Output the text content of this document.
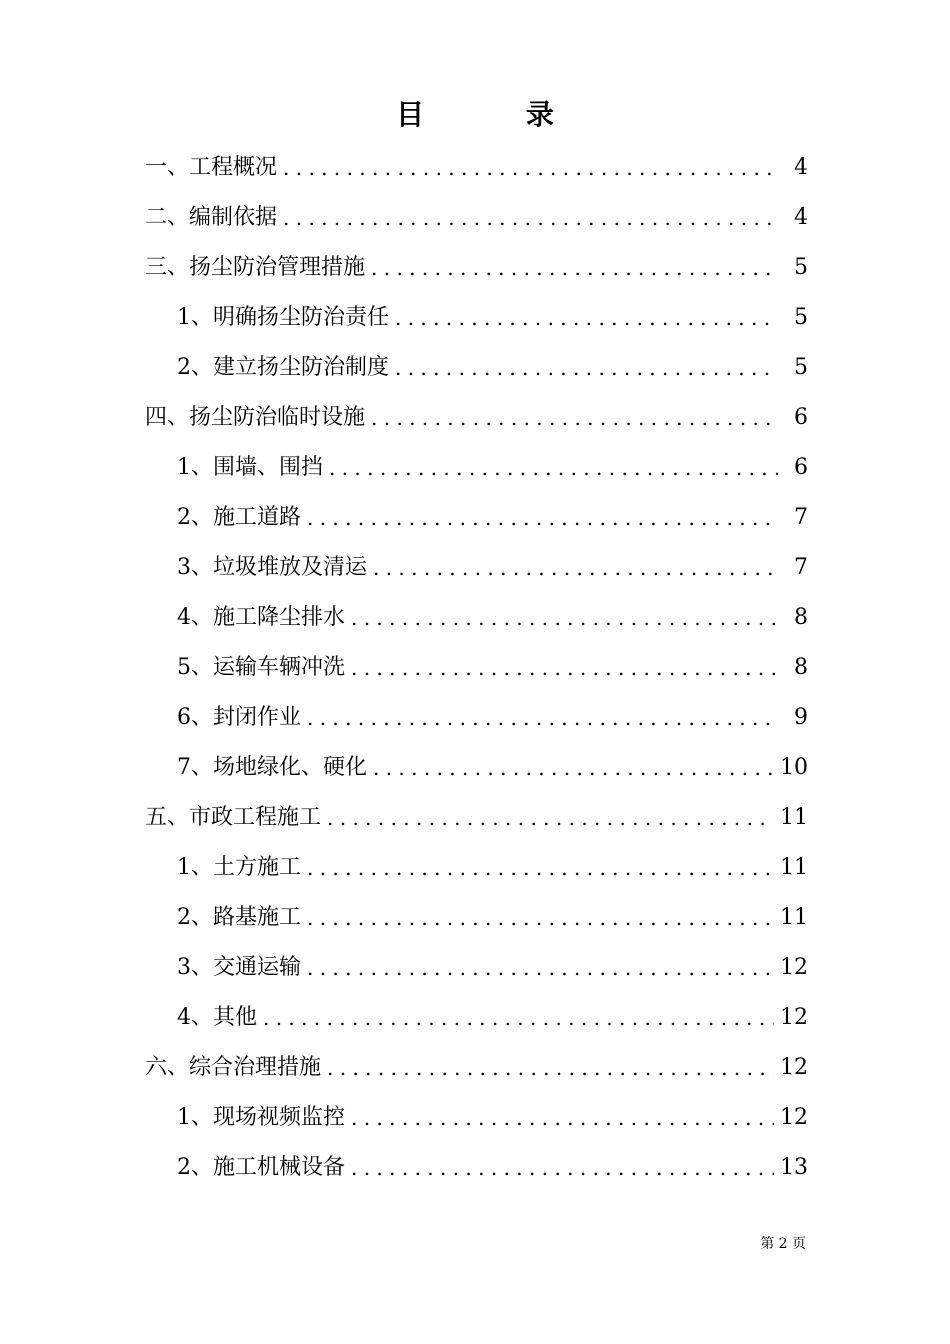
目 录
一、工程概况 . . .	4
二、编制依据 . . .	4
三、扬尘防治管理措施 . . .	5
1、明确扬尘防治责任 . . .	5
2、建立扬尘防治制度 . . .	5
四、扬尘防治临时设施 . . .	6
1、围墙、围挡 . . .	6
2、施工道路 . . .	7
3、垃圾堆放及清运 . . .	7
4、施工降尘排水 . . .	8
5、运输车辆冲洗 . . .	8
6、封闭作业 . . .	9
7、场地绿化、硬化 . . .	10
五、市政工程施工 . . .	11
1、土方施工 . . .	11
2、路基施工 . . .	11
3、交通运输 . . .	12
4、其他 . . .	12
六、综合治理措施 . . .	12
1、现场视频监控 . . .	12
2、施工机械设备 . . .	13
第 2 页
